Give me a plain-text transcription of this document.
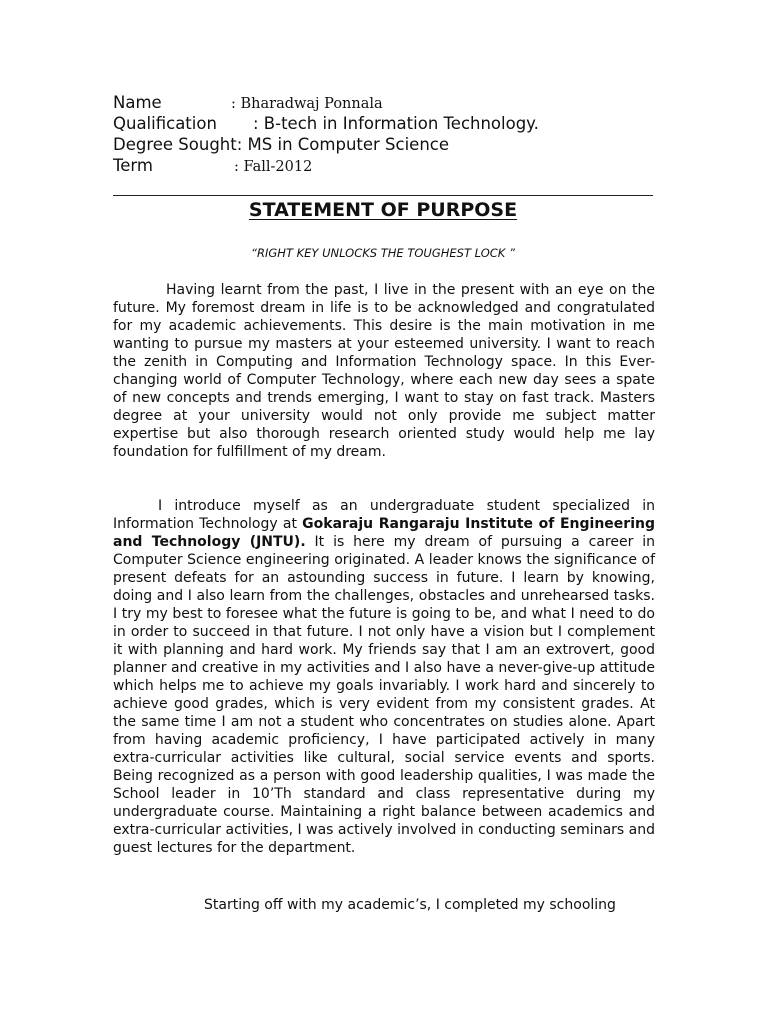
Name	: Bharadwaj Ponnala
Qualification : B-tech in Information Technology.
Degree Sought: MS in Computer Science
Term	: Fall-2012
STATEMENT OF PURPOSE
“RIGHT KEY UNLOCKS THE TOUGHEST LOCK ”

Having learnt from the past, I live in the present with an eye on the future. My foremost dream in life is to be acknowledged and congratulated for my academic achievements. This desire is the main motivation in me wanting to pursue my masters at your esteemed university. I want to reach the zenith in Computing and Information Technology space. In this Ever-changing world of Computer Technology, where each new day sees a spate of new concepts and trends emerging, I want to stay on fast track. Masters degree at your university would not only provide me subject matter expertise but also thorough research oriented study would help me lay foundation for fulfillment of my dream.

I introduce myself as an undergraduate student specialized in Information Technology at Gokaraju Rangaraju Institute of Engineering and Technology (JNTU). It is here my dream of pursuing a career in Computer Science engineering originated. A leader knows the significance of present defeats for an astounding success in future. I learn by knowing, doing and I also learn from the challenges, obstacles and unrehearsed tasks. I try my best to foresee what the future is going to be, and what I need to do in order to succeed in that future. I not only have a vision but I complement it with planning and hard work. My friends say that I am an extrovert, good planner and creative in my activities and I also have a never-give-up attitude which helps me to achieve my goals invariably. I work hard and sincerely to achieve good grades, which is very evident from my consistent grades. At the same time I am not a student who concentrates on studies alone. Apart from having academic proficiency, I have participated actively in many extra-curricular activities like cultural, social service events and sports. Being recognized as a person with good leadership qualities, I was made the School leader in 10’Th standard and class representative during my undergraduate course. Maintaining a right balance between academics and extra-curricular activities, I was actively involved in conducting seminars and guest lectures for the department.

Starting off with my academic’s, I completed my schooling
